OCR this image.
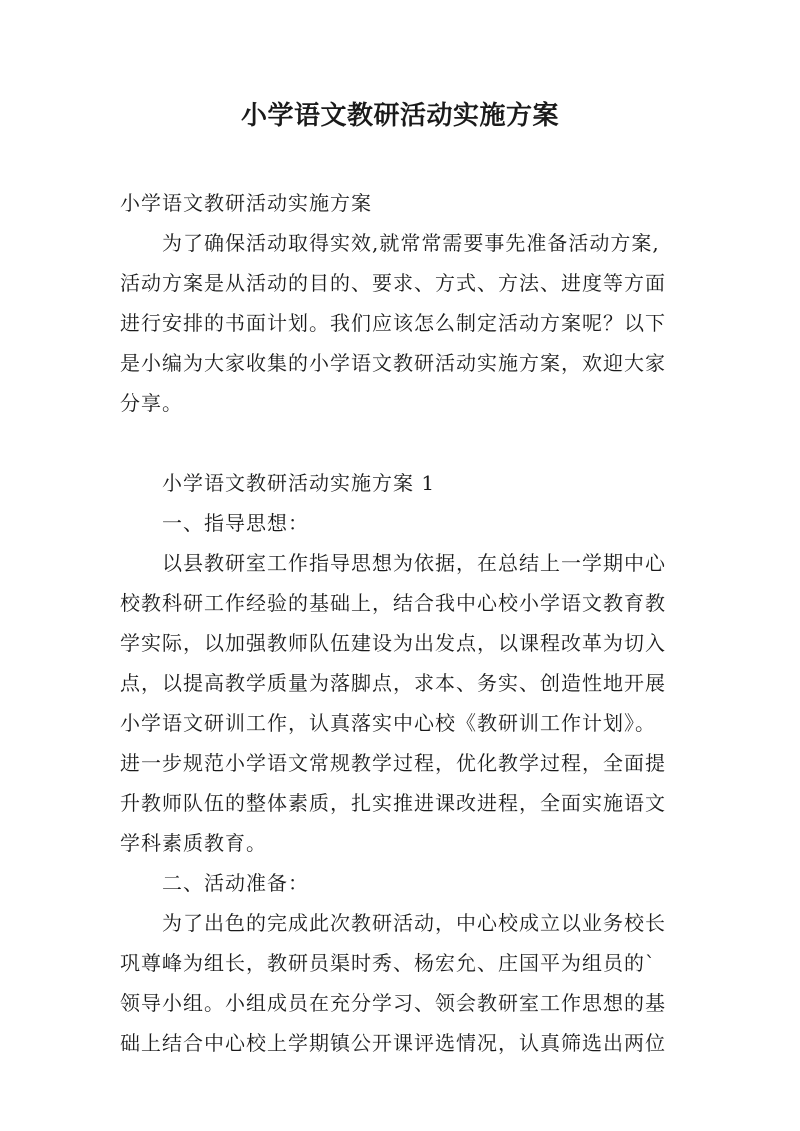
小学语文教研活动实施方案
小学语文教研活动实施方案
为了确保活动取得实效,就常常需要事先准备活动方案,
活动方案是从活动的目的、要求、方式、方法、进度等方面
进行安排的书面计划。我们应该怎么制定活动方案呢？以下
是小编为大家收集的小学语文教研活动实施方案，欢迎大家
分享。
小学语文教研活动实施方案 1
一、指导思想：
以县教研室工作指导思想为依据，在总结上一学期中心
校教科研工作经验的基础上，结合我中心校小学语文教育教
学实际，以加强教师队伍建设为出发点，以课程改革为切入
点，以提高教学质量为落脚点，求本、务实、创造性地开展
小学语文研训工作，认真落实中心校《教研训工作计划》。
进一步规范小学语文常规教学过程，优化教学过程，全面提
升教师队伍的整体素质，扎实推进课改进程，全面实施语文
学科素质教育。
二、活动准备：
为了出色的完成此次教研活动，中心校成立以业务校长
巩尊峰为组长，教研员渠时秀、杨宏允、庄国平为组员的`
领导小组。小组成员在充分学习、领会教研室工作思想的基
础上结合中心校上学期镇公开课评选情况，认真筛选出两位
